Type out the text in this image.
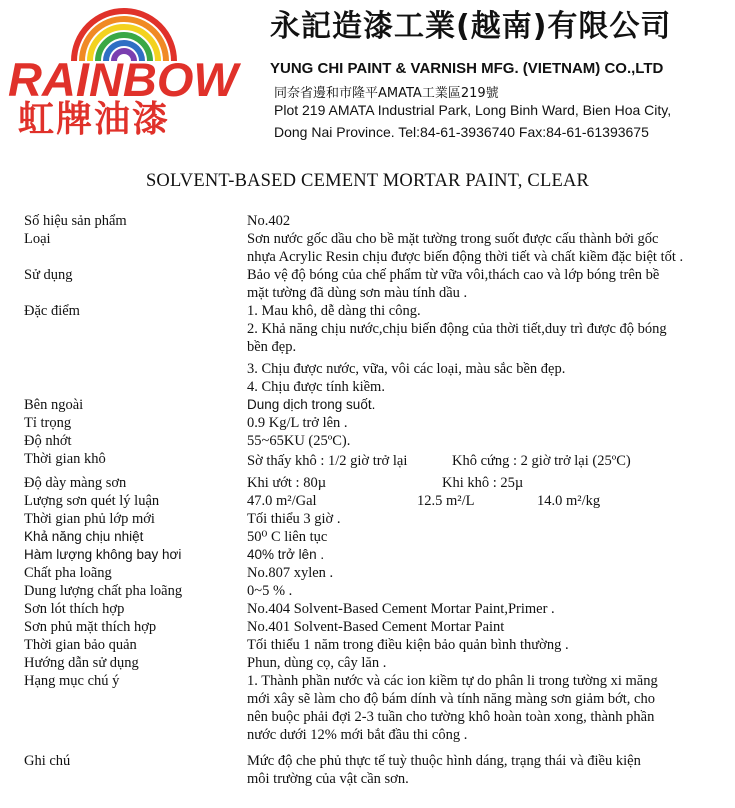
RAINBOW
虹牌油漆
永記造漆工業(越南)有限公司
YUNG CHI PAINT & VARNISH MFG. (VIETNAM) CO.,LTD
同奈省邊和市隆平AMATA工業區219號
Plot 219 AMATA Industrial Park, Long Binh Ward, Bien Hoa City,
Dong Nai Province. Tel:84-61-3936740 Fax:84-61-61393675
SOLVENT-BASED CEMENT MORTAR PAINT, CLEAR
Số hiệu sản phẩm	No.402

Loại	Sơn nước gốc dầu cho bề mặt tường trong suốt được cấu thành bởi gốc

nhựa Acrylic Resin chịu được biến động thời tiết và chất kiềm đặc biệt tốt .

Sử dụng	Bảo vệ độ bóng của chế phẩm từ vữa vôi,thách cao và lớp bóng trên bề

mặt tường đã dùng sơn màu tính dầu .

Đặc điểm	1. Mau khô, dễ dàng thi công.

2. Khả năng chịu nước,chịu biến động của thời tiết,duy trì được độ bóng

bền đẹp.

3. Chịu được nước, vữa, vôi các loại, màu sắc bền đẹp.

4. Chịu được tính kiềm.

Bên ngoài	Dung dịch trong suốt.

Tỉ trọng	0.9 Kg/L trở lên .

Độ nhớt	55~65KU (25ºC).

Thời gian khô	Sờ thấy khô : 1/2 giờ trở lại	Khô cứng : 2 giờ trở lại (25ºC)
Độ dày màng sơn	Khi ướt : 80µ	Khi khô : 25µ
Lượng sơn quét lý luận	47.0 m²/Gal	12.5 m²/L	14.0 m²/kg
Thời gian phủ lớp mới	Tối thiểu 3 giờ .

Khả năng chịu nhiệt	50⁰ C liên tục

Hàm lượng không bay hơi	40% trở lên .

Chất pha loãng	No.807 xylen .

Dung lượng chất pha loãng	0~5 % .

Sơn lót thích hợp	No.404 Solvent-Based Cement Mortar Paint,Primer .

Sơn phủ mặt thích hợp	No.401 Solvent-Based Cement Mortar Paint

Thời gian bảo quản	Tối thiểu 1 năm trong điều kiện bảo quản bình thường .

Hướng dẫn sử dụng	Phun, dùng cọ, cây lăn .

Hạng mục chú ý	1. Thành phần nước và các ion kiềm tự do phân li trong tường xi măng

mới xây sẽ làm cho độ bám dính và tính năng màng sơn giảm bớt, cho

nên buộc phải đợi 2-3 tuần cho tường khô hoàn toàn xong, thành phần

nước dưới 12% mới bắt đầu thi công .

Ghi chú	Mức độ che phủ thực tế tuỳ thuộc hình dáng, trạng thái và điều kiện

môi trường của vật cần sơn.
